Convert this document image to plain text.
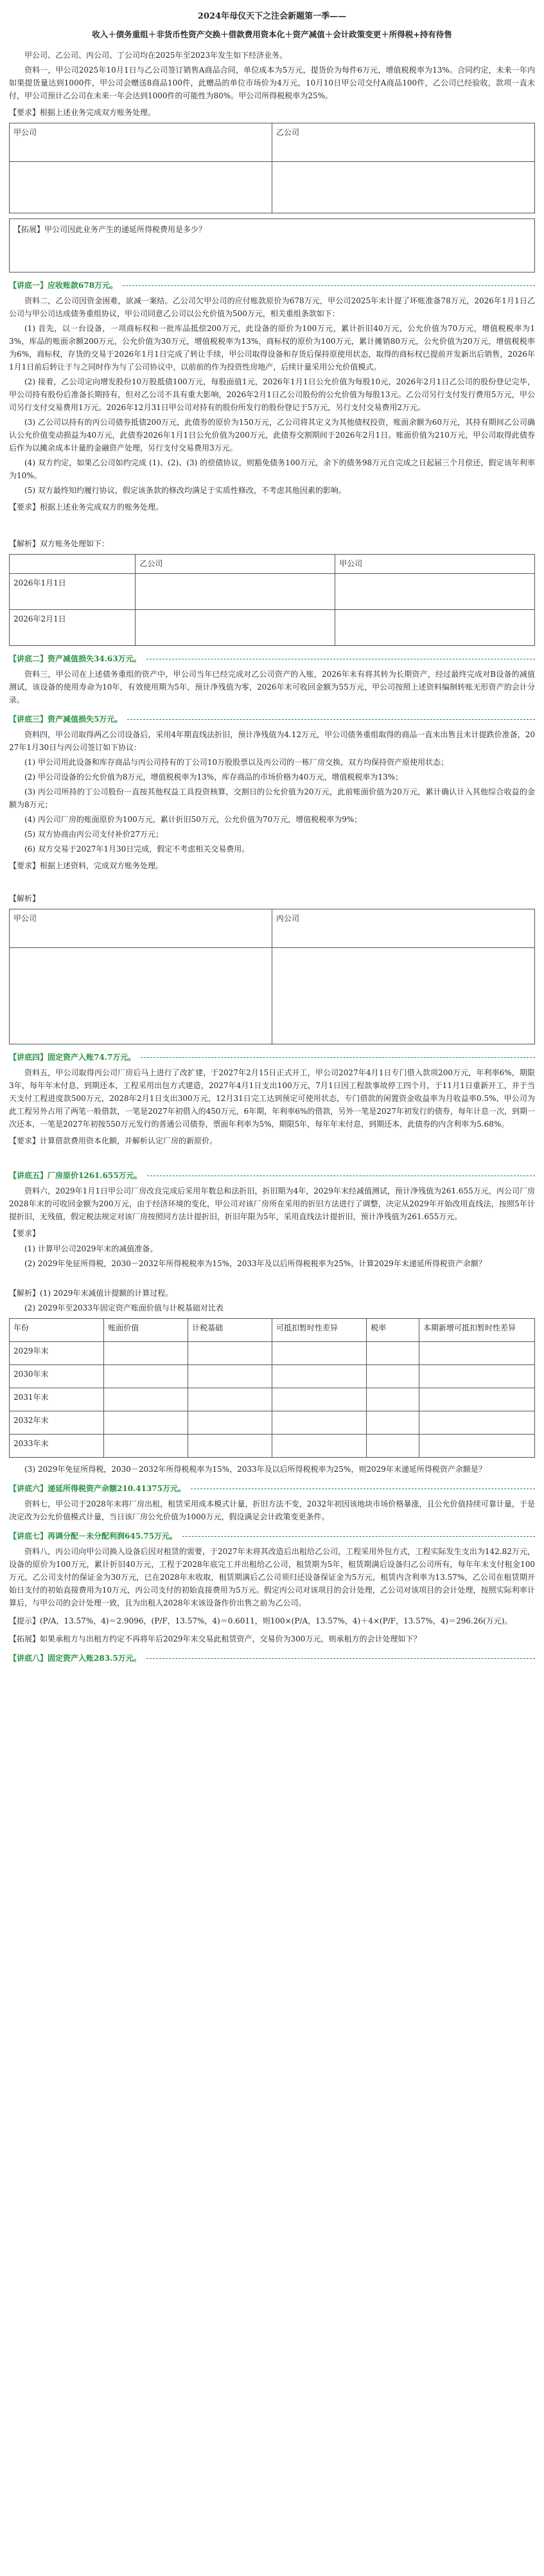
2024年母仪天下之注会新题第一季——
收入＋债务重组＋非货币性资产交换＋借款费用资本化＋资产减值＋会计政策变更＋所得税+持有待售

甲公司、乙公司、丙公司、丁公司均在2025年至2023年发生如下经济业务。

资料一，甲公司2025年10月1日与乙公司签订销售A商品合同，单位成本为5万元，提货价为每件6万元，增值税税率为13%。合同约定，未来一年内如果提货量达到1000件，甲公司会赠送8商品100件，此赠品的单位市场价为4万元，10月10日甲公司交付A商品100件，乙公司已经验收，款项一直未付，甲公司预计乙公司在未来一年会达到1000件的可能性为80%。甲公司所得税税率为25%。

【要求】根据上述业务完成双方账务处理。

甲公司	乙公司

【拓展】甲公司因此业务产生的递延所得税费用是多少？
【讲底一】应收账款678万元。

资料二，乙公司因资金困难，欲减一案结。乙公司欠甲公司的应付账款原价为678万元，甲公司2025年末计提了坏账准备78万元，2026年1月1日乙公司与甲公司达成债务重组协议，甲公司同意乙公司以公允价值为500万元，相关重组条款如下：

(1) 首先，以一台设备，一项商标权和一批库品抵偿200万元，此设备的原价为100万元，累计折旧40万元，公允价值为70万元，增值税税率为13%，库品的账面余额200万元，公允价值为30万元，增值税税率为13%，商标权的原价为100万元，累计摊销80万元，公允价值为20万元，增值税税率为6%，商标权，存货的交易于2026年1月1日完成了转让手续，甲公司取得设备和存货后保持原使用状态，取得的商标权已提前开发新出后销售，2026年1月1日前后转让于与之同时作为与了公司协议中，以前前的作为投资性房地产，后续计量采用公允价值模式。

(2) 接着，乙公司定向增发股份10万股抵债100万元，每股面值1元，2026年1月1日公允价值为每股10元，2026年2月1日乙公司的股份登记完毕，甲公司持有股份后准备长期持有，但对乙公司不具有重大影响，2026年2月1日乙公司股份的公允价值为每股13元。乙公司另行支付发行费用5万元，甲公司另行支付交易费用1万元。2026年12月31日甲公司对持有的股份所发行的股份登记于5万元，另行支付交易费用2万元。

(3) 乙公司以持有的丙公司债券抵债200万元，此债券的原价为150万元，乙公司将其定义为其他债权投资，账面余额为60万元，其持有期间乙公司确认公允价值变动损益为40万元，此债券2026年1月1日公允价值为200万元，此债券交割期间于2026年2月1日。账面价值为210万元，甲公司取得此债券后作为以摊余成本计量的金融资产处理，另行支付交易费用3万元。

(4) 双方约定，如果乙公司如约完成 (1)、(2)、(3) 的偿债协议，则豁免债务100万元，余下的债务98万元自完成之日起届三个月偿还，假定该年利率为10%。

(5) 双方最终知约履行协议，假定该条款的修改均满足于实质性修改，不考虑其他因素的影响。

【要求】根据上述业务完成双方的账务处理。

【解析】双方账务处理如下：

	乙公司	甲公司
2026年1月1日		
2026年2月1日		
【讲底二】资产减值损失34.63万元。

资料三，甲公司在上述债务重组的资产中，甲公司当年已经完成对乙公司资产的入账，2026年末有将其转为长期资产，经过最终完成对B设备的减值测试，该设备的使用寿命为10年，有效使用期为5年，预计净残值为零，2026年末可收回金额为55万元，甲公司按照上述资料编制转账无形资产的会计分录。

【讲底三】资产减值损失5万元。

资料四，甲公司取得两乙公司设备后，采用4年期直线法折旧，预计净残值为4.12万元，甲公司债务重组取得的商品一直未出售且未计提跌价准备，2027年1月30日与丙公司签订如下协议：

(1) 甲公司用此设备和库存商品与丙公司持有的丁公司10万股股票以及丙公司的一栋厂房交换，双方均保持资产原使用状态；

(2) 甲公司设备的公允价值为8万元，增值税税率为13%，库存商品的市场价格为40万元，增值税税率为13%；

(3) 丙公司所持的丁公司股份一直按其他权益工具投资核算，交割日的公允价值为20万元，此前账面价值为20万元，累计确认计入其他综合收益的金额为8万元；

(4) 丙公司厂房的账面原价为100万元，累计折旧50万元，公允价值为70万元，增值税税率为9%；

(5) 双方协商由丙公司支付补价27万元；

(6) 双方交易于2027年1月30日完成，假定不考虑相关交易费用。

【要求】根据上述资料，完成双方账务处理。

【解析】

甲公司	丙公司

【讲底四】固定资产入账74.7万元。

资料五，甲公司取得丙公司厂房后马上进行了改扩建，于2027年2月15日正式开工，甲公司2027年4月1日专门借入款项200万元，年利率6%，期限3年，每年年末付息，到期还本，工程采用出包方式建造，2027年4月1日支出100万元，7月1日因工程款事故停工四个月，于11月1日重新开工，并于当天支付工程进度款500万元，2028年2月1日支出300万元，12月31日完工达到预定可使用状态，专门借款的闲置资金收益率为月收益率0.5%，甲公司为此工程另外占用了两笔一般借款，一笔是2027年初借入的450万元，6年期，年利率6%的借款，另外一笔是2027年初发行的债券，每年计息一次，到期一次还本，一笔是2027年初按550万元发行的普通公司债券，票面年利率为5%，期限5年，每年年末付息，到期还本，此债券的内含利率为5.68%。

【要求】计算借款费用资本化额，并解析认定厂房的新原价。

【讲底五】厂房原价1261.655万元。

资料六，2029年1月1日甲公司厂房改良完成后采用年数总和法折旧，折旧期为4年，2029年末经减值测试，预计净残值为261.655万元，丙公司厂房2028年末的可收回金额为200万元，由于经济环境的变化，甲公司对该厂房所在采用的折旧方法进行了调整，决定从2029年开始改用直线法，按照5年计提折旧，无残值，假定税法规定对该厂房按照同方法计提折旧，折旧年限为5年，采用直线法计提折旧，预计净残值为261.655万元。

【要求】

(1) 计算甲公司2029年末的减值准备。

(2) 2029年免征所得税，2030－2032年所得税税率为15%，2033年及以后所得税税率为25%，计算2029年末递延所得税资产余额？

【解析】(1) 2029年末减值计提额的计算过程。

(2) 2029年至2033年固定资产账面价值与计税基础对比表

年份	账面价值	计税基础	可抵扣暂时性差异	税率	本期新增可抵扣暂时性差异
2029年末					
2030年末					
2031年末					
2032年末					
2033年末					

(3) 2029年免征所得税，2030－2032年所得税税率为15%，2033年及以后所得税税率为25%，则2029年末递延所得税资产余额是？

【讲底六】递延所得税资产余额210.41375万元。

资料七，甲公司于2028年末将厂房出租，租赁采用成本模式计量，折旧方法不变，2032年初因该地块市场价格暴涨，且公允价值持续可靠计量，于是决定改为公允价值模式计量，当日该厂房公允价值为1000万元，假设满足会计政策变更条件。

【讲底七】再调分配－未分配利润645.75万元。

资料八，丙公司向甲公司换入设备后因对租赁的需要，于2027年末将其改造后出租给乙公司，工程采用外包方式，工程实际发生支出为142.82万元，设备的原价为100万元，累计折旧40万元，工程于2028年底完工并出租给乙公司，租赁期为5年，租赁期满后设备归乙公司所有，每年年末支付租金100万元，乙公司支付的保证金为30万元，已在2028年末收取，租赁期满后乙公司须归还设备保证金为5万元，租赁内含利率为13.57%，乙公司在租赁期开始日支付的初始直接费用为10万元，丙公司支付的初始直接费用为5万元。假定丙公司对该项目的会计处理，乙公司对该项目的会计处理，按照实际利率计算后，与甲公司的会计处理一致，且为出租人2028年末该设备作价出售之前为乙公司。

【提示】(P/A，13.57%，4)＝2.9096，(P/F，13.57%，4)＝0.6011，则100×(P/A，13.57%，4)＋4×(P/F，13.57%，4)＝296.26(万元)。

【拓展】如果承租方与出租方约定不再将年后2029年末交易此租赁资产，交易价为300万元，则承租方的会计处理如下？

【讲底八】固定资产入账283.5万元。
